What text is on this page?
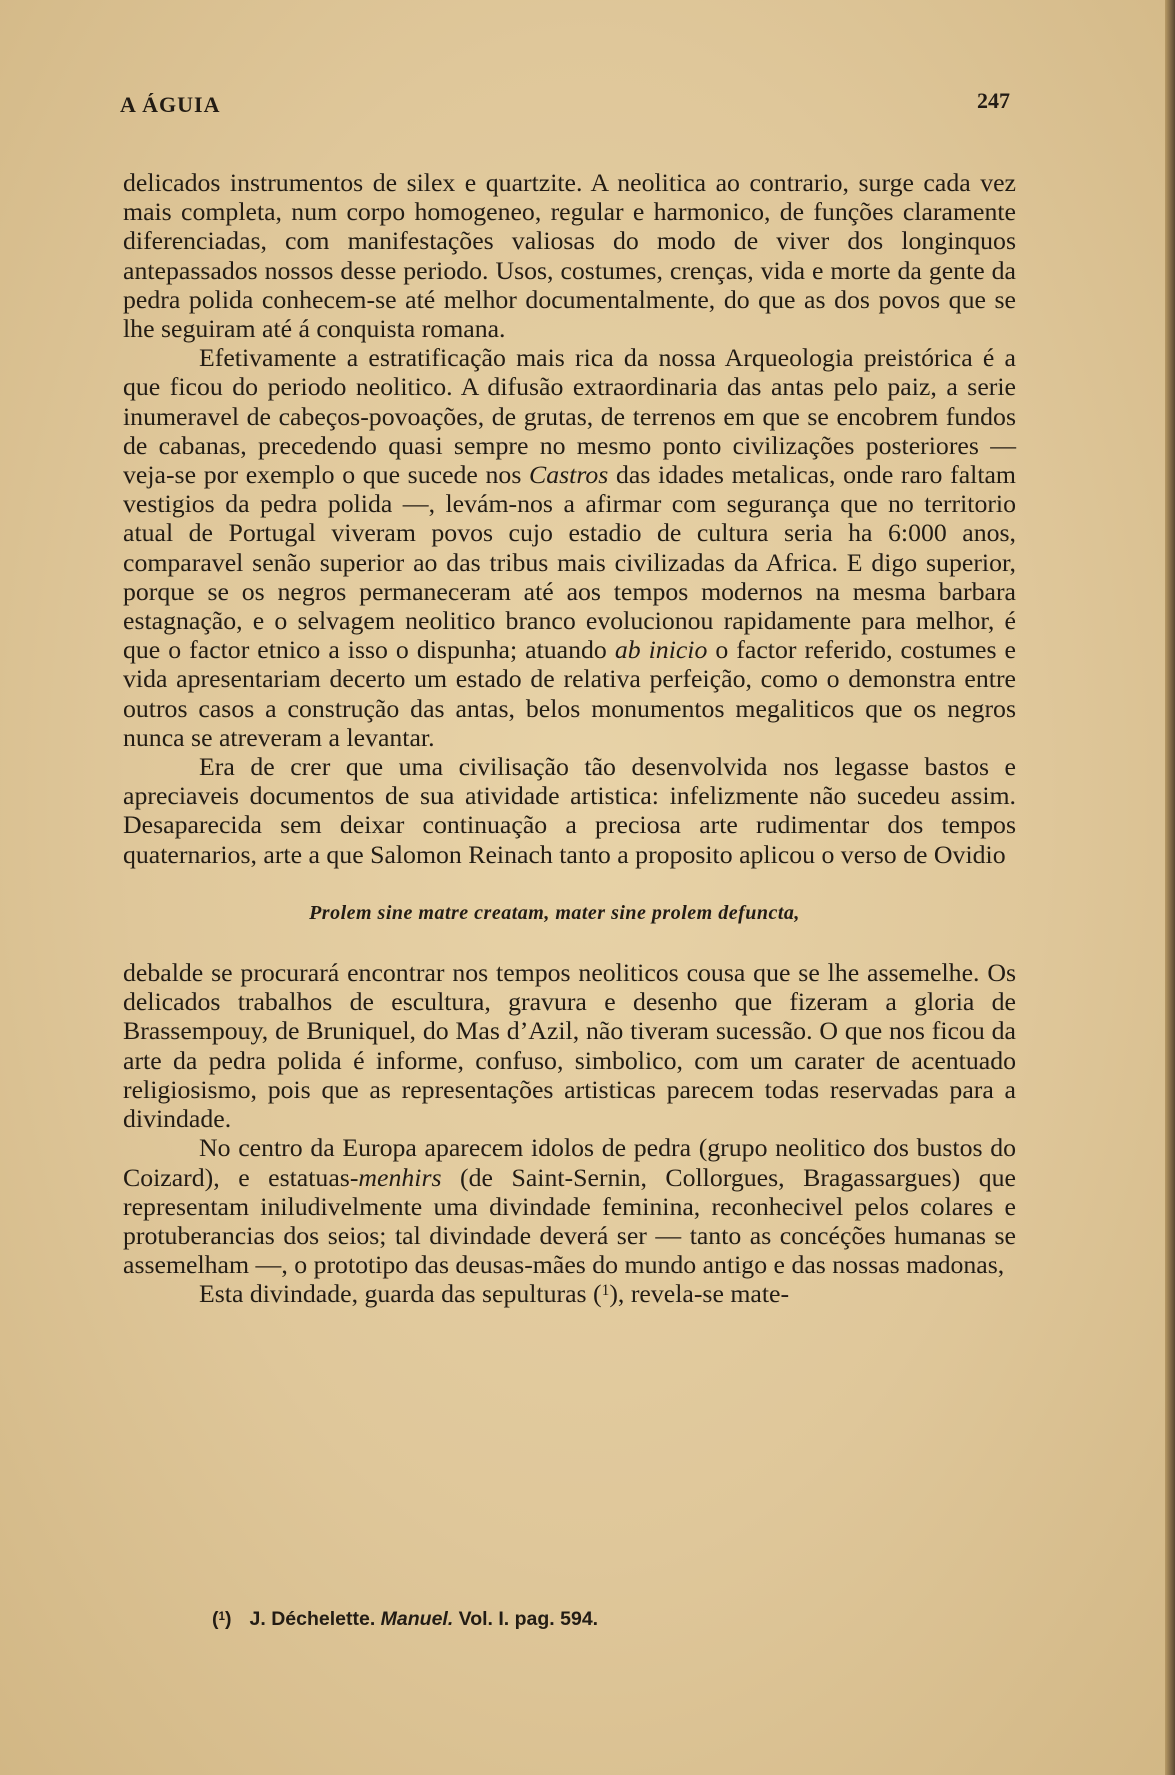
A ÁGUIA	247

delicados instrumentos de silex e quartzite. A neolitica ao contrario, surge cada vez mais completa, num corpo homogeneo, regular e harmonico, de funções claramente diferenciadas, com manifestações valiosas do modo de viver dos longinquos antepassados nossos desse periodo. Usos, costumes, crenças, vida e morte da gente da pedra polida conhecem-se até melhor documentalmente, do que as dos povos que se lhe seguiram até á conquista romana.

Efetivamente a estratificação mais rica da nossa Arqueologia preistórica é a que ficou do periodo neolitico. A difusão extraordinaria das antas pelo paiz, a serie inumeravel de cabeços-povoações, de grutas, de terrenos em que se encobrem fundos de cabanas, precedendo quasi sempre no mesmo ponto civilizações posteriores — veja-se por exemplo o que sucede nos Castros das idades metalicas, onde raro faltam vestigios da pedra polida —, levám-nos a afirmar com segurança que no territorio atual de Portugal viveram povos cujo estadio de cultura seria ha 6:000 anos, comparavel senão superior ao das tribus mais civilizadas da Africa. E digo superior, porque se os negros permaneceram até aos tempos modernos na mesma barbara estagnação, e o selvagem neolitico branco evolucionou rapidamente para melhor, é que o factor etnico a isso o dispunha; atuando ab inicio o factor referido, costumes e vida apresentariam decerto um estado de relativa perfeição, como o demonstra entre outros casos a construção das antas, belos monumentos megaliticos que os negros nunca se atreveram a levantar.

Era de crer que uma civilisação tão desenvolvida nos legasse bastos e apreciaveis documentos de sua atividade artistica: infelizmente não sucedeu assim. Desaparecida sem deixar continuação a preciosa arte rudimentar dos tempos quaternarios, arte a que Salomon Reinach tanto a proposito aplicou o verso de Ovidio

Prolem sine matre creatam, mater sine prolem defuncta,

debalde se procurará encontrar nos tempos neoliticos cousa que se lhe assemelhe. Os delicados trabalhos de escultura, gravura e desenho que fizeram a gloria de Brassempouy, de Bruniquel, do Mas d’Azil, não tiveram sucessão. O que nos ficou da arte da pedra polida é informe, confuso, simbolico, com um carater de acentuado religiosismo, pois que as representações artisticas parecem todas reservadas para a divindade.

No centro da Europa aparecem idolos de pedra (grupo neolitico dos bustos do Coizard), e estatuas-menhirs (de Saint-Sernin, Collorgues, Bragassargues) que representam iniludivelmente uma divindade feminina, reconhecivel pelos colares e protuberancias dos seios; tal divindade deverá ser — tanto as concéções humanas se assemelham —, o prototipo das deusas-mães do mundo antigo e das nossas madonas,

Esta divindade, guarda das sepulturas ($^1$), revela-se mate-

($^1$) J. Déchelette. Manuel. Vol. I. pag. 594.
